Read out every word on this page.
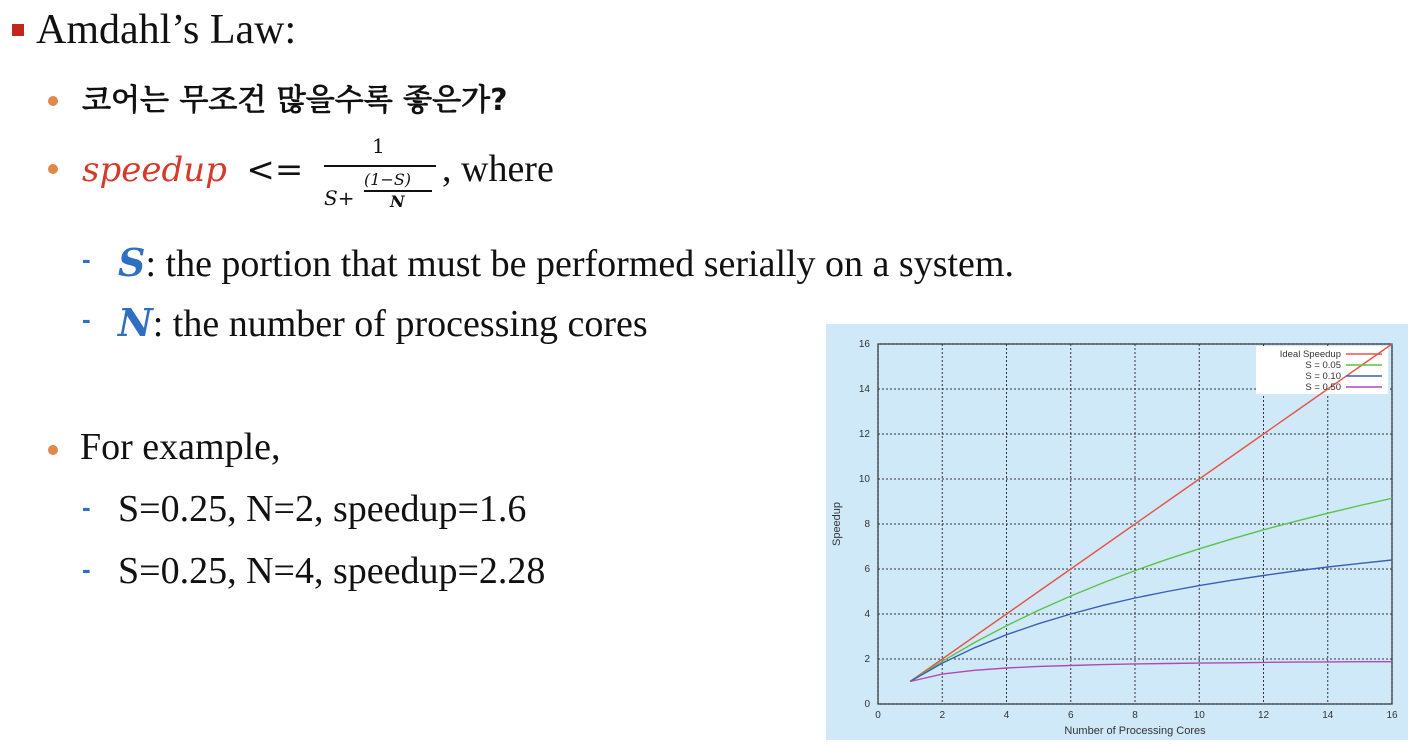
Amdahl’s Law:
코어는 무조건 많을수록 좋은가?
speedup <=
1
S+
(1−S)
N
, where
- S: the portion that must be performed serially on a system.
- N: the number of processing cores
For example,
- S=0.25, N=2, speedup=1.6
- S=0.25, N=4, speedup=2.28
0	2	4	6	8	10	12	14	16
0
2
4
6
8
10
12
14
16
Number of Processing Cores
Speedup
Ideal Speedup
S = 0.05
S = 0.10
S = 0.50
